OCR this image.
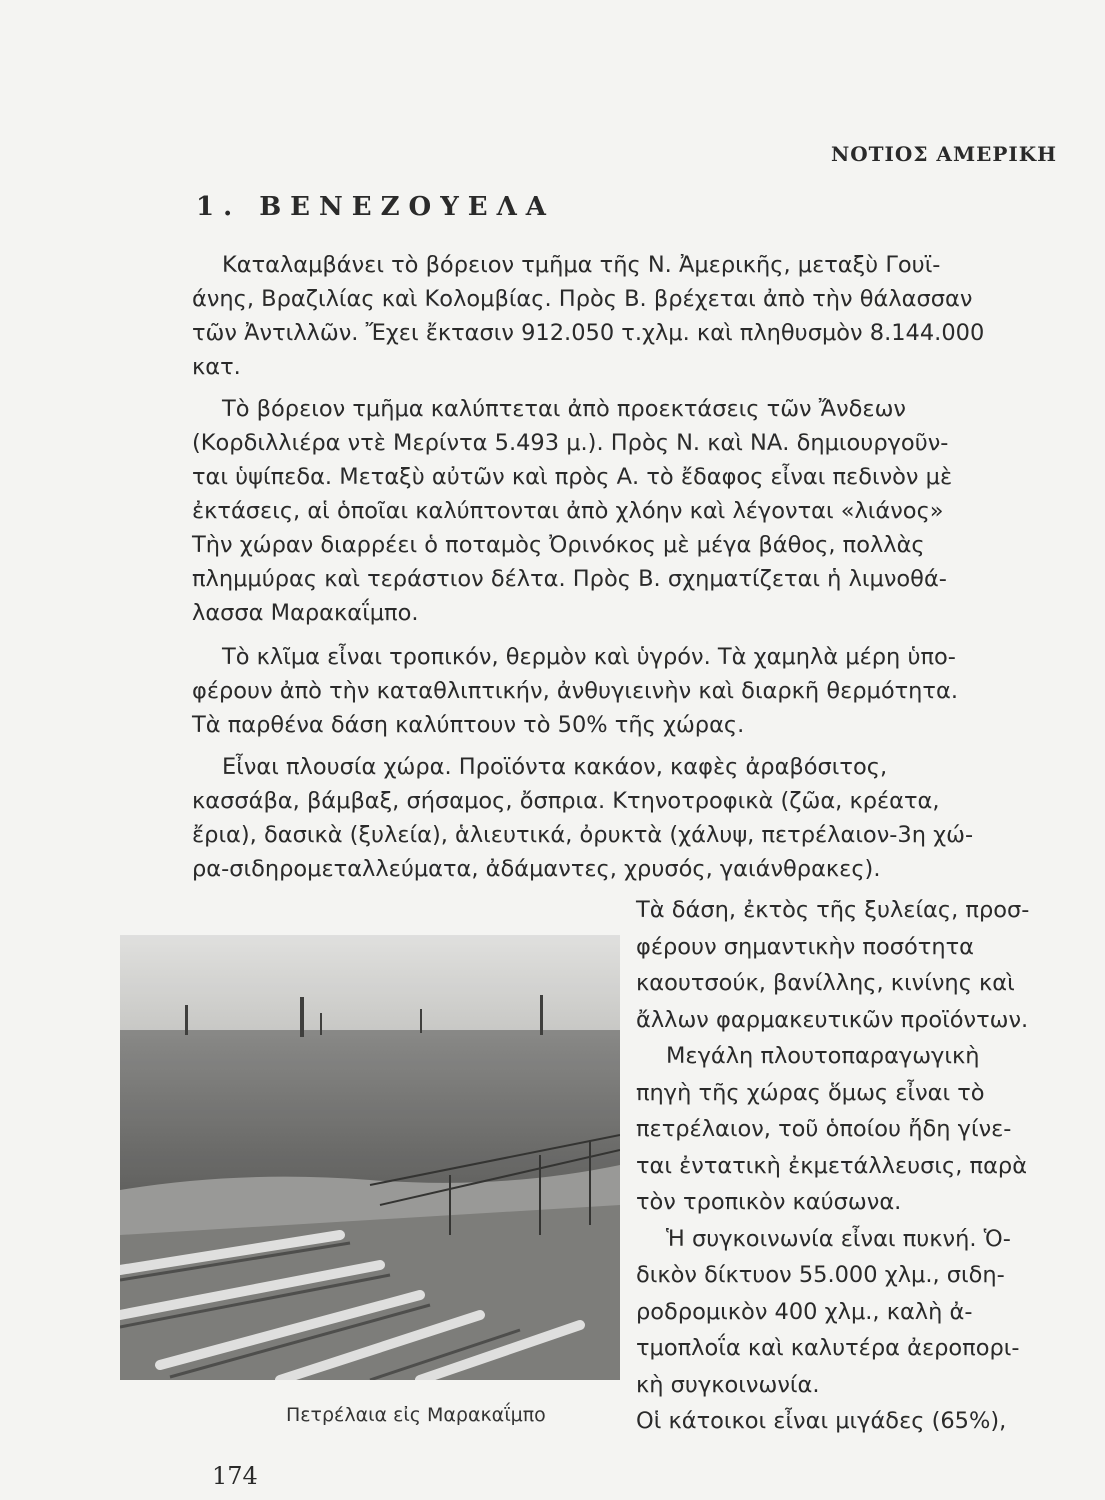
ΝΟΤΙΟΣ ΑΜΕΡΙΚΗ
1. ΒΕΝΕΖΟΥΕΛΑ
Καταλαμβάνει τὸ βόρειον τμῆμα τῆς Ν. Ἀμερικῆς, μεταξὺ Γουϊ-
άνης, Βραζιλίας καὶ Κολομβίας. Πρὸς Β. βρέχεται ἀπὸ τὴν θάλασσαν
τῶν Ἀντιλλῶν. Ἔχει ἔκτασιν 912.050 τ.χλμ. καὶ πληθυσμὸν 8.144.000
κατ.
Τὸ βόρειον τμῆμα καλύπτεται ἀπὸ προεκτάσεις τῶν Ἄνδεων
(Κορδιλλιέρα ντὲ Μερίντα 5.493 μ.). Πρὸς Ν. καὶ ΝΑ. δημιουργοῦν-
ται ὑψίπεδα. Μεταξὺ αὐτῶν καὶ πρὸς Α. τὸ ἔδαφος εἶναι πεδινὸν μὲ
ἐκτάσεις, αἱ ὁποῖαι καλύπτονται ἀπὸ χλόην καὶ λέγονται «λιάνος»
Τὴν χώραν διαρρέει ὁ ποταμὸς Ὀρινόκος μὲ μέγα βάθος, πολλὰς
πλημμύρας καὶ τεράστιον δέλτα. Πρὸς Β. σχηματίζεται ἡ λιμνοθά-
λασσα Μαρακαΐμπο.
Τὸ κλῖμα εἶναι τροπικόν, θερμὸν καὶ ὑγρόν. Τὰ χαμηλὰ μέρη ὑπο-
φέρουν ἀπὸ τὴν καταθλιπτικήν, ἀνθυγιεινὴν καὶ διαρκῆ θερμότητα.
Τὰ παρθένα δάση καλύπτουν τὸ 50% τῆς χώρας.
Εἶναι πλουσία χώρα. Προϊόντα κακάον, καφὲς ἀραβόσιτος,
κασσάβα, βάμβαξ, σήσαμος, ὄσπρια. Κτηνοτροφικὰ (ζῶα, κρέατα,
ἔρια), δασικὰ (ξυλεία), ἁλιευτικά, ὀρυκτὰ (χάλυψ, πετρέλαιον-3η χώ-
ρα-σιδηρομεταλλεύματα, ἀδάμαντες, χρυσός, γαιάνθρακες).
Τὰ δάση, ἐκτὸς τῆς ξυλείας, προσ-
φέρουν σημαντικὴν ποσότητα
καουτσούκ, βανίλλης, κινίνης καὶ
ἄλλων φαρμακευτικῶν προϊόντων.
Μεγάλη πλουτοπαραγωγικὴ
πηγὴ τῆς χώρας ὅμως εἶναι τὸ
πετρέλαιον, τοῦ ὁποίου ἤδη γίνε-
ται ἐντατικὴ ἐκμετάλλευσις, παρὰ
τὸν τροπικὸν καύσωνα.
Ἡ συγκοινωνία εἶναι πυκνή. Ὁ-
δικὸν δίκτυον 55.000 χλμ., σιδη-
ροδρομικὸν 400 χλμ., καλὴ ἀ-
τμοπλοΐα καὶ καλυτέρα ἀεροπορι-
κὴ συγκοινωνία.
Οἱ κάτοικοι εἶναι μιγάδες (65%),
Πετρέλαια εἰς Μαρακαΐμπο
174
